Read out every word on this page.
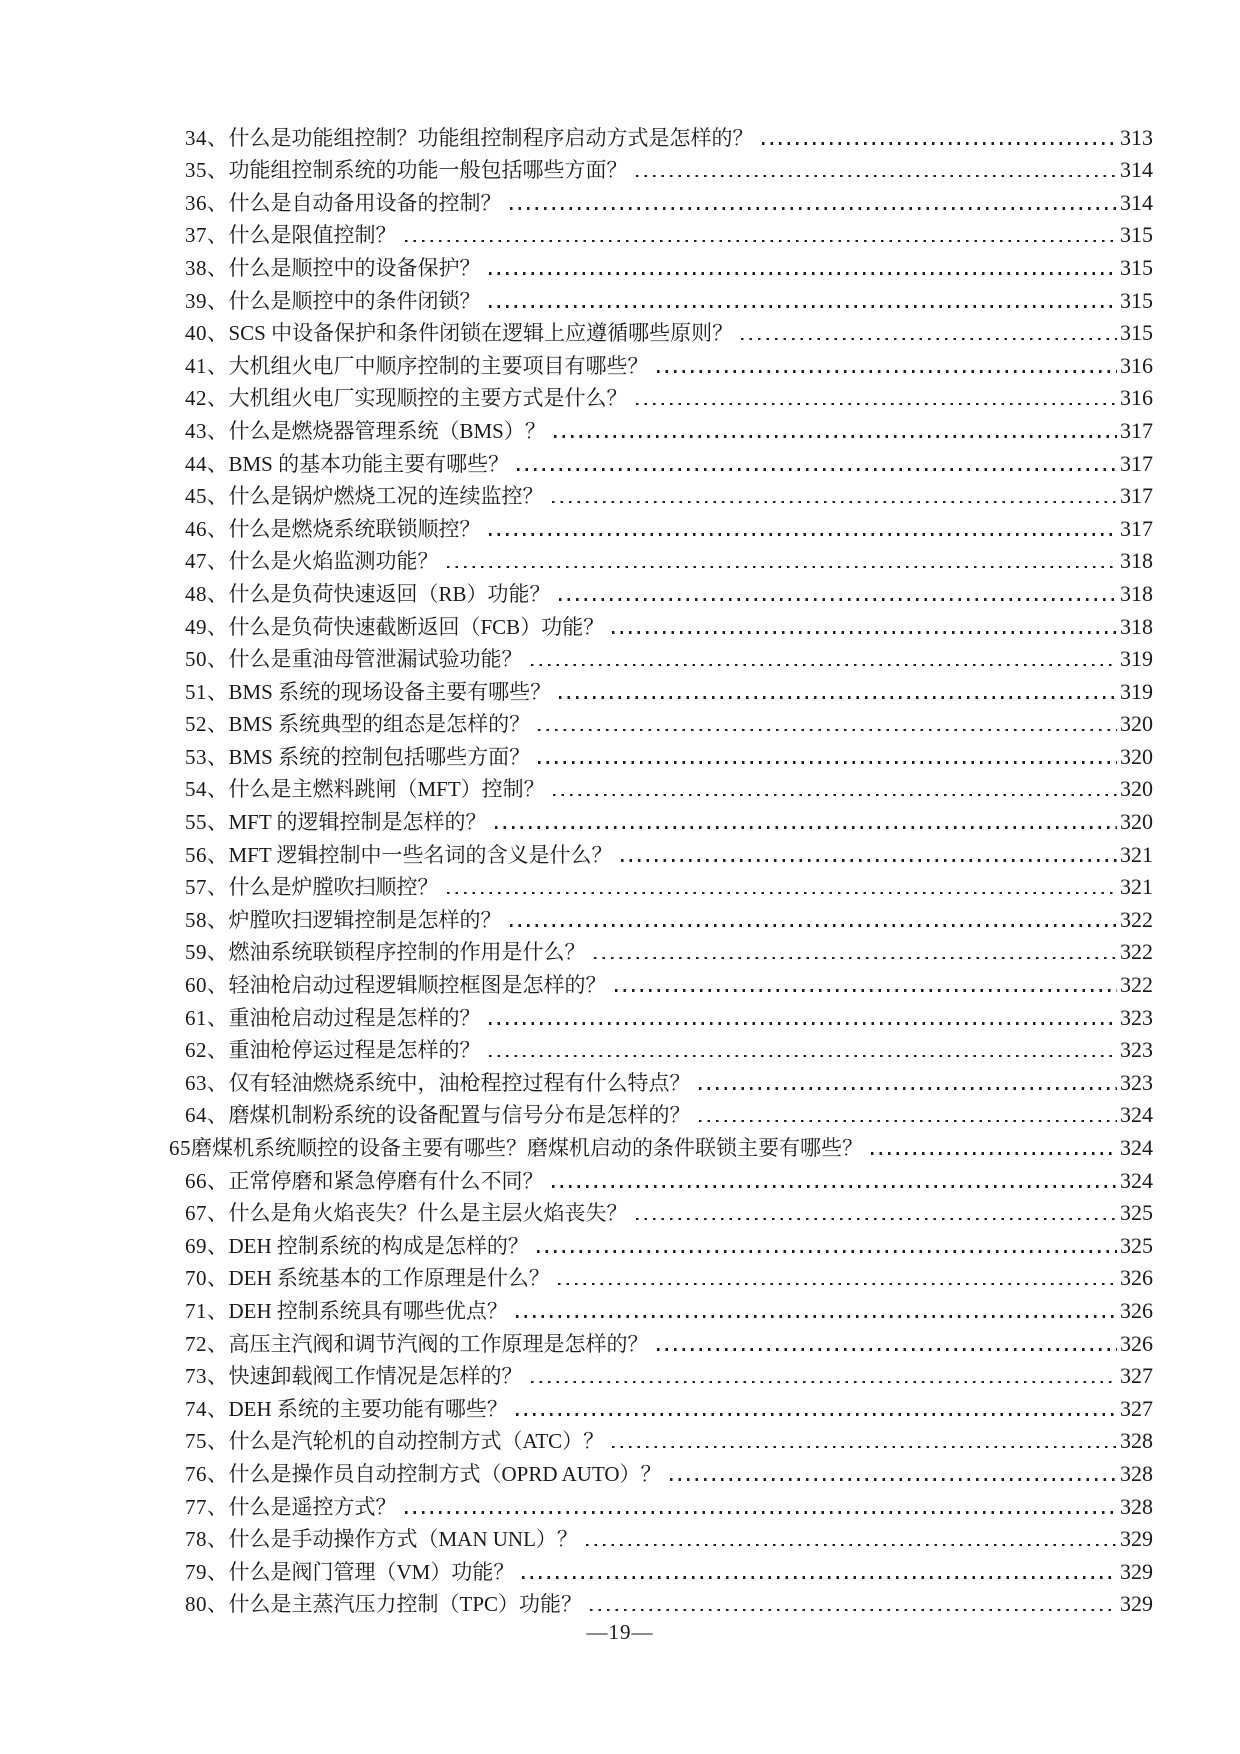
34、 什么是功能组控制？功能组控制程序启动方式是怎样的？	313
35、 功能组控制系统的功能一般包括哪些方面？	314
36、 什么是自动备用设备的控制？	314
37、 什么是限值控制？	315
38、 什么是顺控中的设备保护？	315
39、 什么是顺控中的条件闭锁？	315
40、 SCS 中设备保护和条件闭锁在逻辑上应遵循哪些原则？	315
41、 大机组火电厂中顺序控制的主要项目有哪些？	316
42、 大机组火电厂实现顺控的主要方式是什么？	316
43、 什么是燃烧器管理系统（BMS）？	317
44、 BMS 的基本功能主要有哪些？	317
45、 什么是锅炉燃烧工况的连续监控？	317
46、 什么是燃烧系统联锁顺控？	317
47、 什么是火焰监测功能？	318
48、 什么是负荷快速返回（RB）功能？	318
49、 什么是负荷快速截断返回（FCB）功能？	318
50、 什么是重油母管泄漏试验功能？	319
51、 BMS 系统的现场设备主要有哪些？	319
52、 BMS 系统典型的组态是怎样的？	320
53、 BMS 系统的控制包括哪些方面？	320
54、 什么是主燃料跳闸（MFT）控制？	320
55、 MFT 的逻辑控制是怎样的？	320
56、 MFT 逻辑控制中一些名词的含义是什么？	321
57、 什么是炉膛吹扫顺控？	321
58、 炉膛吹扫逻辑控制是怎样的？	322
59、 燃油系统联锁程序控制的作用是什么？	322
60、 轻油枪启动过程逻辑顺控框图是怎样的？	322
61、 重油枪启动过程是怎样的？	323
62、 重油枪停运过程是怎样的？	323
63、 仅有轻油燃烧系统中，油枪程控过程有什么特点？	323
64、 磨煤机制粉系统的设备配置与信号分布是怎样的？	324
65 磨煤机系统顺控的设备主要有哪些？磨煤机启动的条件联锁主要有哪些？	324
66、 正常停磨和紧急停磨有什么不同？	324
67、 什么是角火焰丧失？什么是主层火焰丧失？	325
69、 DEH 控制系统的构成是怎样的？	325
70、 DEH 系统基本的工作原理是什么？	326
71、 DEH 控制系统具有哪些优点？	326
72、 高压主汽阀和调节汽阀的工作原理是怎样的？	326
73、 快速卸载阀工作情况是怎样的？	327
74、 DEH 系统的主要功能有哪些？	327
75、 什么是汽轮机的自动控制方式（ATC）？	328
76、 什么是操作员自动控制方式（OPRD AUTO）？	328
77、 什么是遥控方式？	328
78、 什么是手动操作方式（MAN UNL）？	329
79、 什么是阀门管理（VM）功能？	329
80、 什么是主蒸汽压力控制（TPC）功能？	329
—19—
